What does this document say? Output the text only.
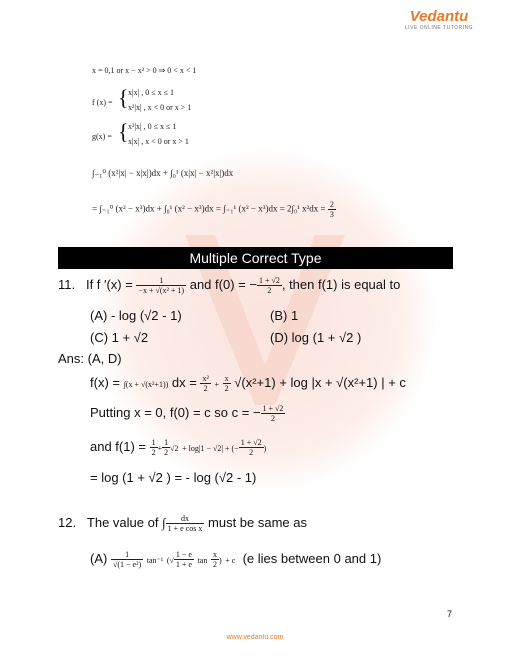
Vedantu
LIVE ONLINE TUTORING
x = 0,1 or x − x² > 0 ⇒ 0 < x < 1
f (x) = { x|x| , 0 ≤ x ≤ 1
x²|x| , x < 0 or x > 1
g(x) = { x²|x| , 0 ≤ x ≤ 1
x|x| , x < 0 or x > 1
∫₋₁⁰ (x²|x| − x|x|)dx + ∫₀¹ (x|x| − x²|x|)dx
= ∫₋₁⁰ (x² − x³)dx + ∫₀¹ (x² − x³)dx = ∫₋₁¹ (x² − x³)dx = 2∫₀¹ $x^2dx = \frac{2}{3}$
Multiple Correct Type
11. If f $'(x) = \frac{1}{\text{−x + √(x² + 1)}}$ and f(0) = − $\frac{1 + √2}{2}$ , then f(1) is equal to
(A) - log (√2 - 1)	(B) 1
(C) 1 + √2	(D) log (1 + √2 )
Ans: (A, D)
f(x) = ∫(x + √(x²+1)) dx = $\frac{\text{x²}}{2} + \frac{x}{2} √(x^2+1) + \log |x + √(x^2+1)$ | + c
Putting x = 0, f(0) = c so c = − $\frac{1 + √2}{2}$
and $f(1) = \frac{1}{2} + \frac{1}{2} √2 + \log|1 - √2|$ + (− $\frac{1 + √2}{2}$ )
= log (1 + √2 ) = - log (√2 - 1)
12. The value of ∫ $\frac{dx}{\text{1 + e cos x}}$ must be same as
$(A) \frac{1}{\text{√(1 − e²)}} \tan^{-1}$ (√ $\frac{1 - e}{1 + e}$ $\tan \frac{x}{2}$ ) + c (e lies between 0 and 1)
7
www.vedantu.com
